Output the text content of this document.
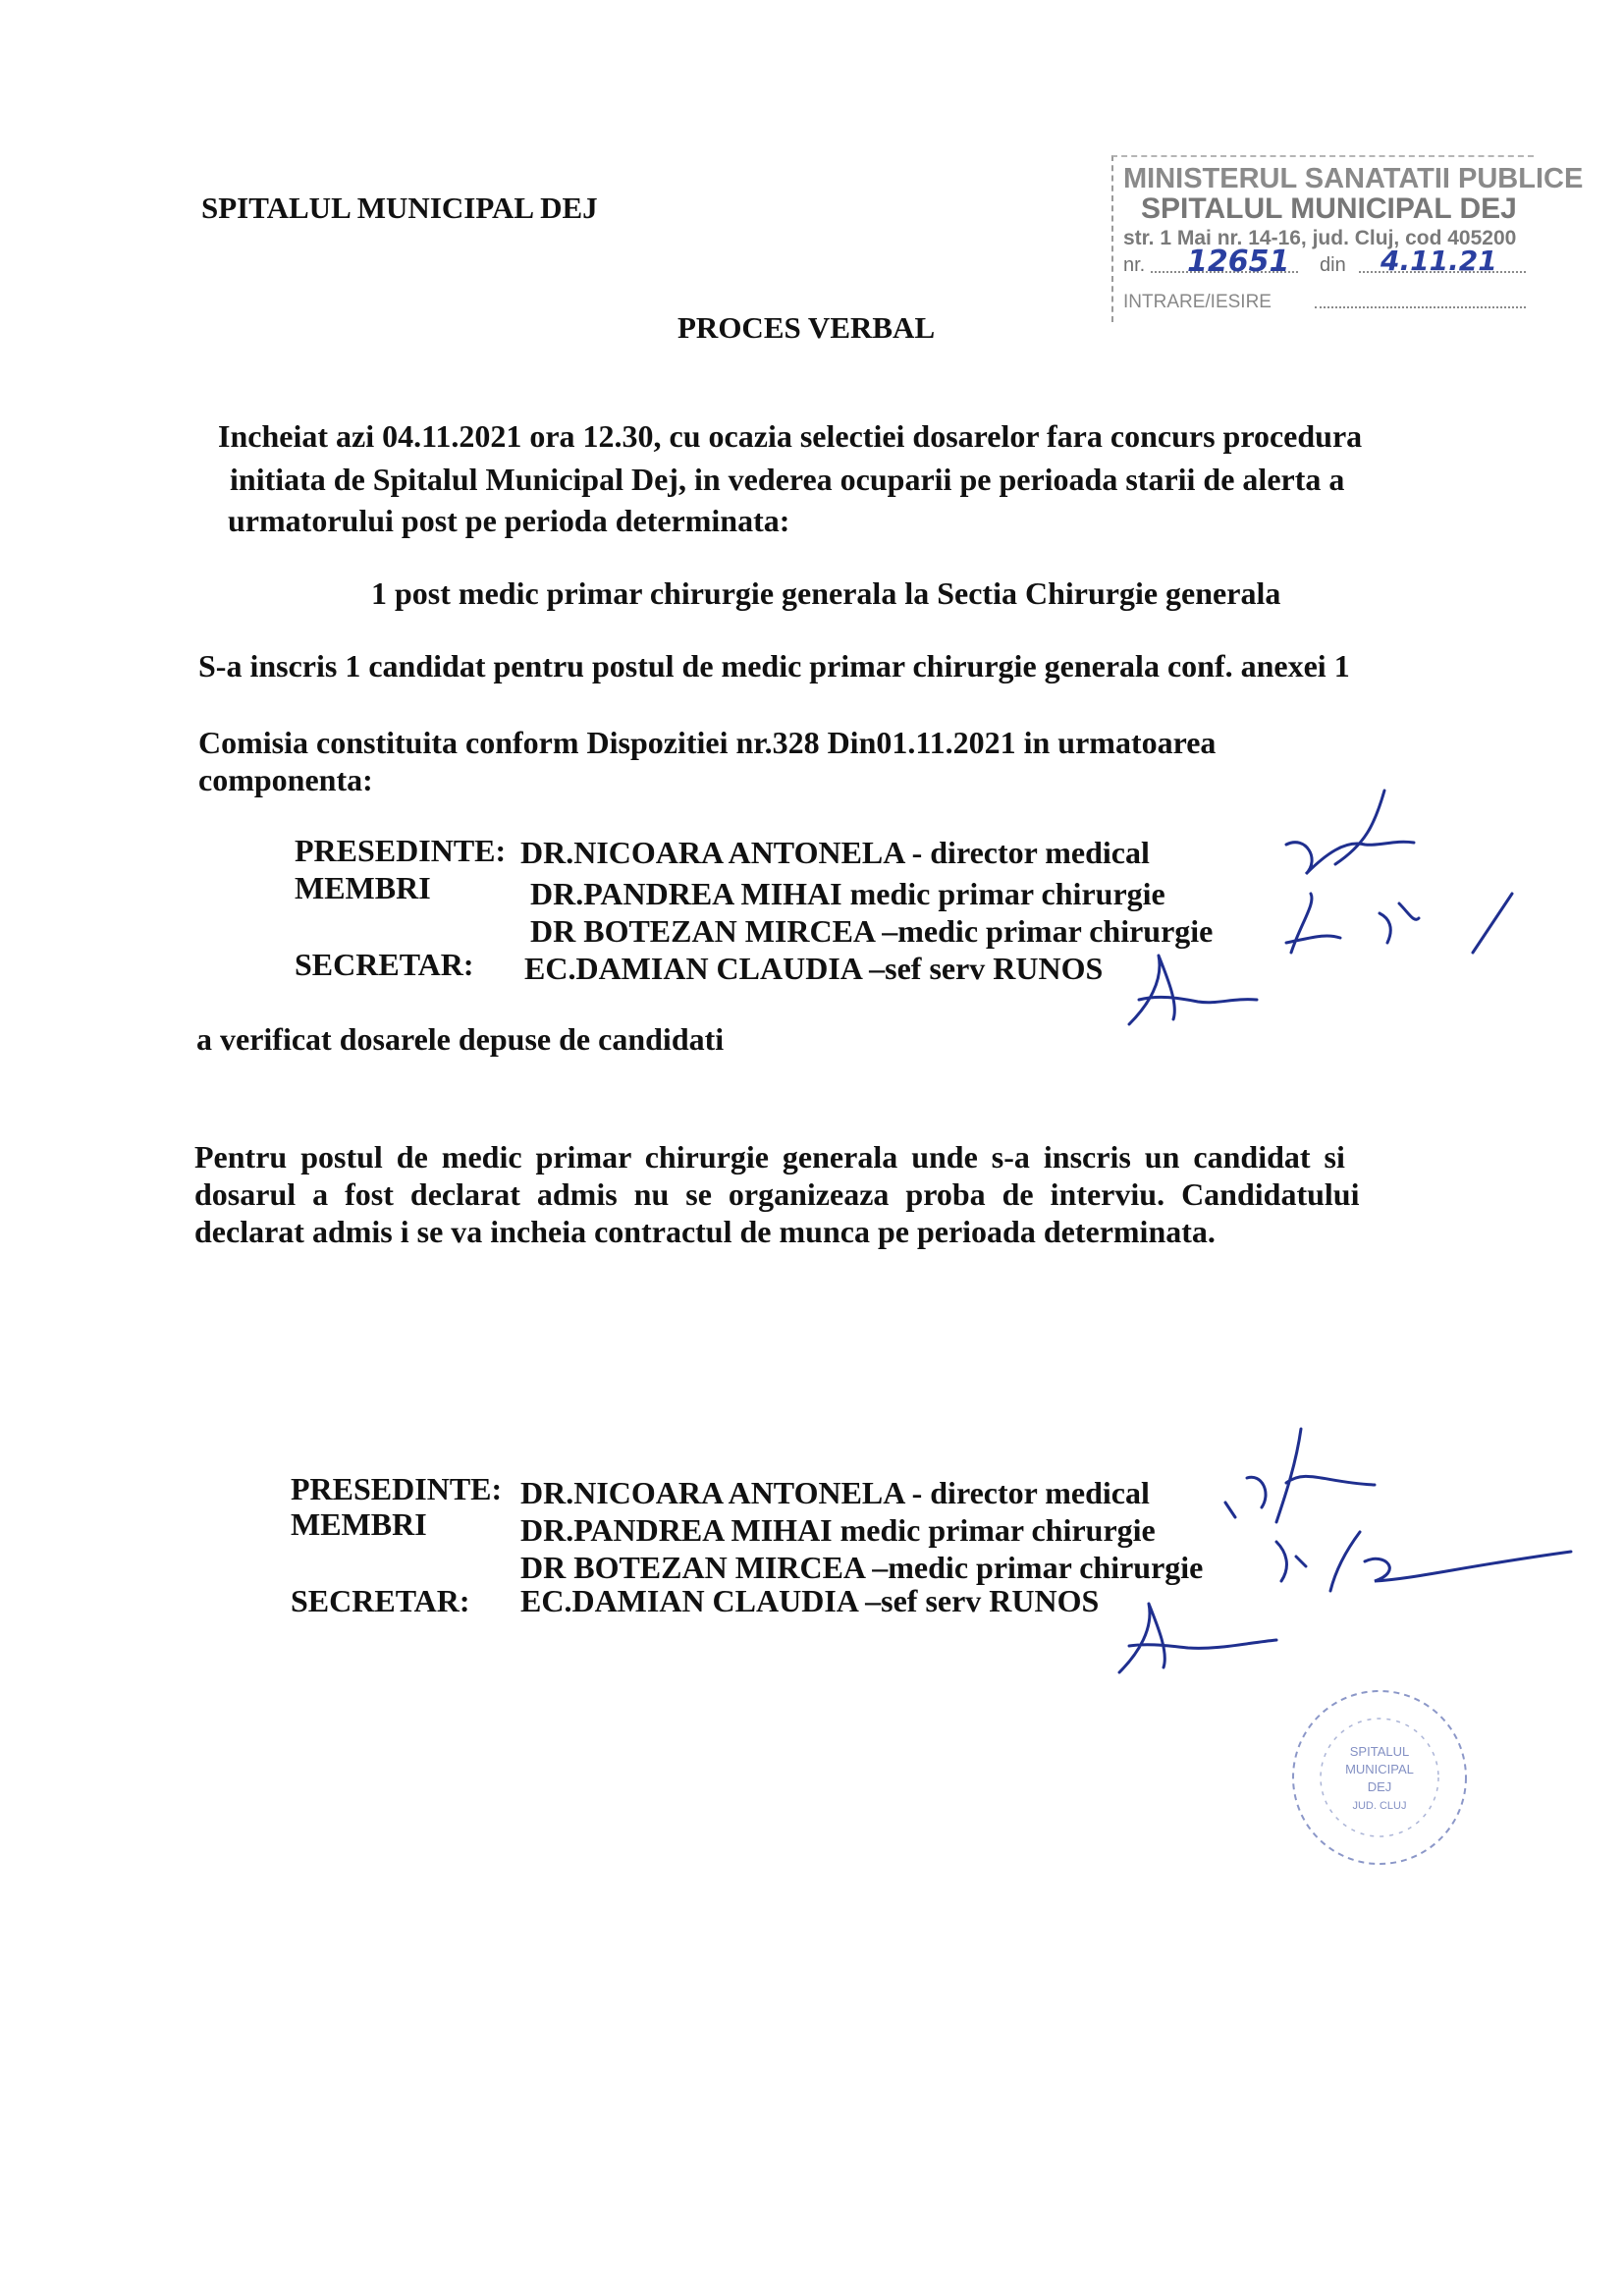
SPITALUL MUNICIPAL DEJ
PROCES VERBAL
MINISTERUL SANATATII PUBLICE
SPITALUL MUNICIPAL DEJ
str. 1 Mai nr. 14-16, jud. Cluj, cod 405200
nr. 12651 din 4.11.21
INTRARE/IESIRE
Incheiat azi 04.11.2021 ora 12.30, cu ocazia selectiei dosarelor fara concurs procedura
initiata de Spitalul Municipal Dej, in vederea ocuparii pe perioada starii de alerta a
urmatorului post pe perioda determinata:
1 post medic primar chirurgie generala la Sectia Chirurgie generala
S-a inscris 1 candidat pentru postul de medic primar chirurgie generala conf. anexei 1
Comisia constituita conform Dispozitiei nr.328 Din01.11.2021 in urmatoarea
componenta:
PRESEDINTE: DR.NICOARA ANTONELA - director medical
MEMBRI	DR.PANDREA MIHAI medic primar chirurgie
DR BOTEZAN MIRCEA –medic primar chirurgie
SECRETAR: EC.DAMIAN CLAUDIA –sef serv RUNOS
a verificat dosarele depuse de candidati
Pentru postul de medic primar chirurgie generala unde s-a inscris un candidat si
dosarul a fost declarat admis nu se organizeaza proba de interviu. Candidatului
declarat admis i se va incheia contractul de munca pe perioada determinata.
PRESEDINTE: DR.NICOARA ANTONELA - director medical
MEMBRI	DR.PANDREA MIHAI medic primar chirurgie
DR BOTEZAN MIRCEA –medic primar chirurgie
SECRETAR: EC.DAMIAN CLAUDIA –sef serv RUNOS
SPITALUL
MUNICIPAL
DEJ
JUD. CLUJ
